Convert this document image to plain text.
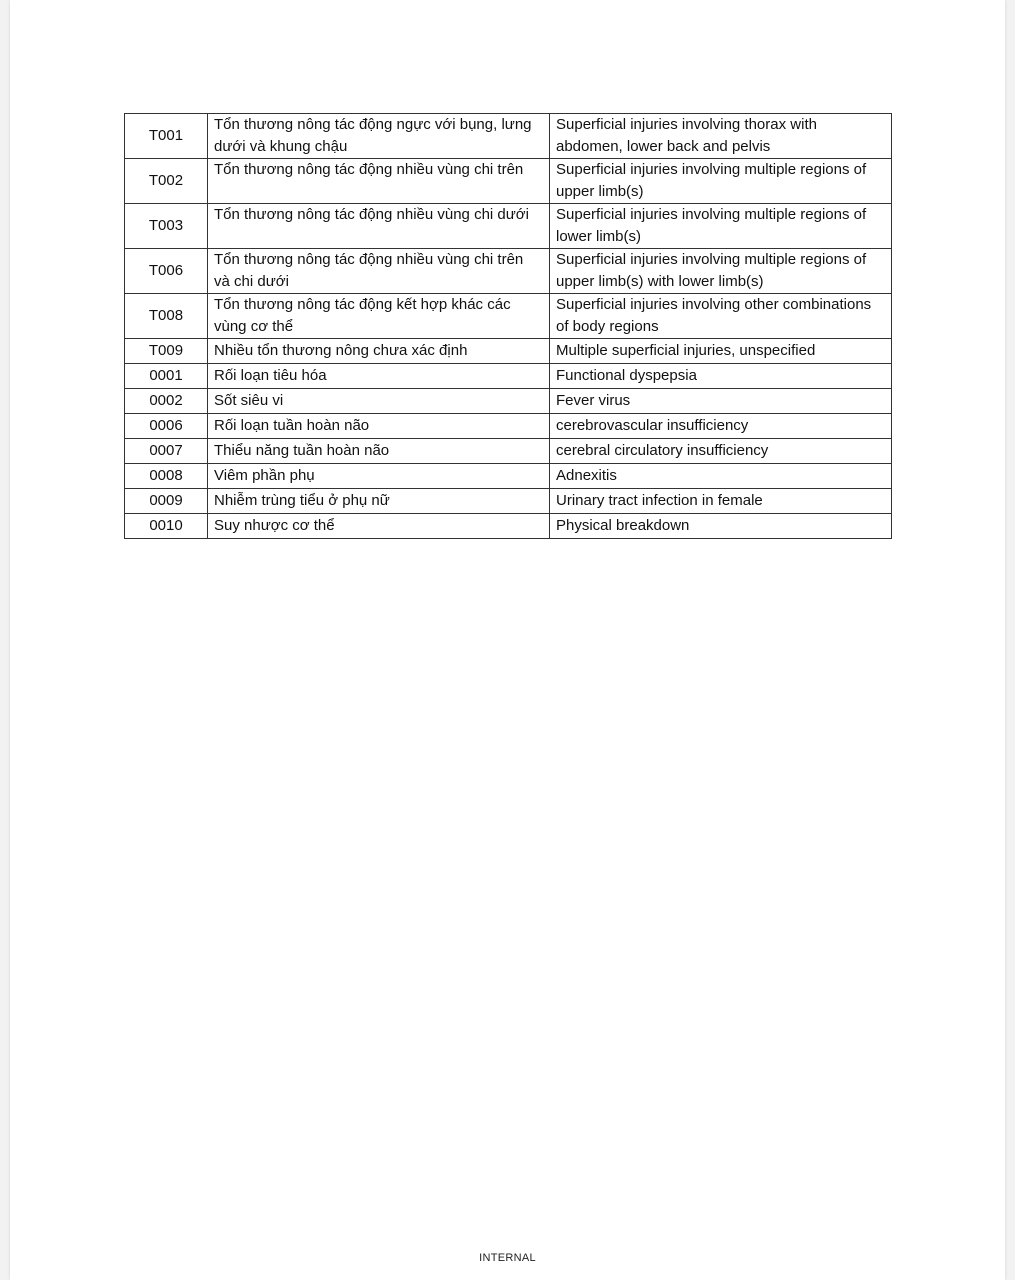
T001	Tổn thương nông tác động ngực với bụng, lưng dưới và khung chậu	Superficial injuries involving thorax with abdomen, lower back and pelvis
T002	Tổn thương nông tác động nhiều vùng chi trên	Superficial injuries involving multiple regions of upper limb(s)
T003	Tổn thương nông tác động nhiều vùng chi dưới	Superficial injuries involving multiple regions of lower limb(s)
T006	Tổn thương nông tác động nhiều vùng chi trên và chi dưới	Superficial injuries involving multiple regions of upper limb(s) with lower limb(s)
T008	Tổn thương nông tác động kết hợp khác các vùng cơ thể	Superficial injuries involving other combinations of body regions
T009	Nhiều tổn thương nông chưa xác định	Multiple superficial injuries, unspecified
0001	Rối loạn tiêu hóa	Functional dyspepsia
0002	Sốt siêu vi	Fever virus
0006	Rối loạn tuần hoàn não	cerebrovascular insufficiency
0007	Thiểu năng tuần hoàn não	cerebral circulatory insufficiency
0008	Viêm phần phụ	Adnexitis
0009	Nhiễm trùng tiểu ở phụ nữ	Urinary tract infection in female
0010	Suy nhược cơ thể	Physical breakdown
INTERNAL
